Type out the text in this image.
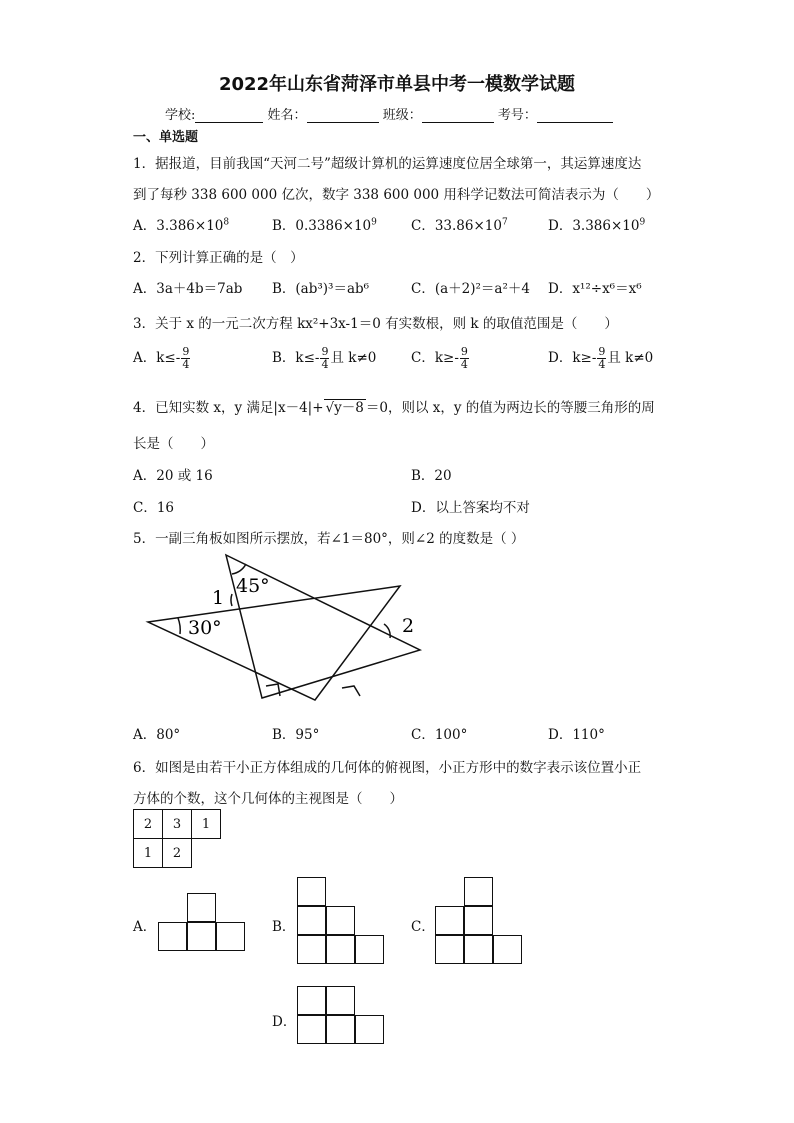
2022年山东省菏泽市单县中考一模数学试题
学校:	姓名：	班级：	考号：
一、单选题
1．据报道，目前我国“天河二号”超级计算机的运算速度位居全球第一，其运算速度达
到了每秒 338 600 000 亿次，数字 338 600 000 用科学记数法可简洁表示为（　　）
A．$3.386\times 10^8$	B．$0.3386\times 10^9$	C．$33.86\times 10^7$	D．$3.386\times 10^9$
2．下列计算正确的是（　）
A．3a＋4b＝7ab B．(ab³)³＝ab⁶	C．(a＋2)²＝a²＋4 D．x¹²÷x⁶＝x⁶
3．关于 x 的一元二次方程 kx²+3x-1＝0 有实数根，则 k 的取值范围是（　　）
A．$k\le- \frac{9}{4}$	B．$k\le- \frac{9}{4}$ 且 k≠0	C．$k\ge- \frac{9}{4}$	D．$k\ge- \frac{9}{4}$ 且 k≠0
4．已知实数 x，y 满足|x－4|+ √y－8 ＝0，则以 x，y 的值为两边长的等腰三角形的周
长是（　　）
A．20 或 16	B．20
C．16	D．以上答案均不对
5．一副三角板如图所示摆放，若∠1＝80°，则∠2 的度数是（ ）
30°
45°
1
2
A．80°	B．95°	C．100°	D．110°
6．如图是由若干小正方体组成的几何体的俯视图，小正方形中的数字表示该位置小正
方体的个数，这个几何体的主视图是（　　）
2	3	1
1	2	
A．	B．	C．
D．
